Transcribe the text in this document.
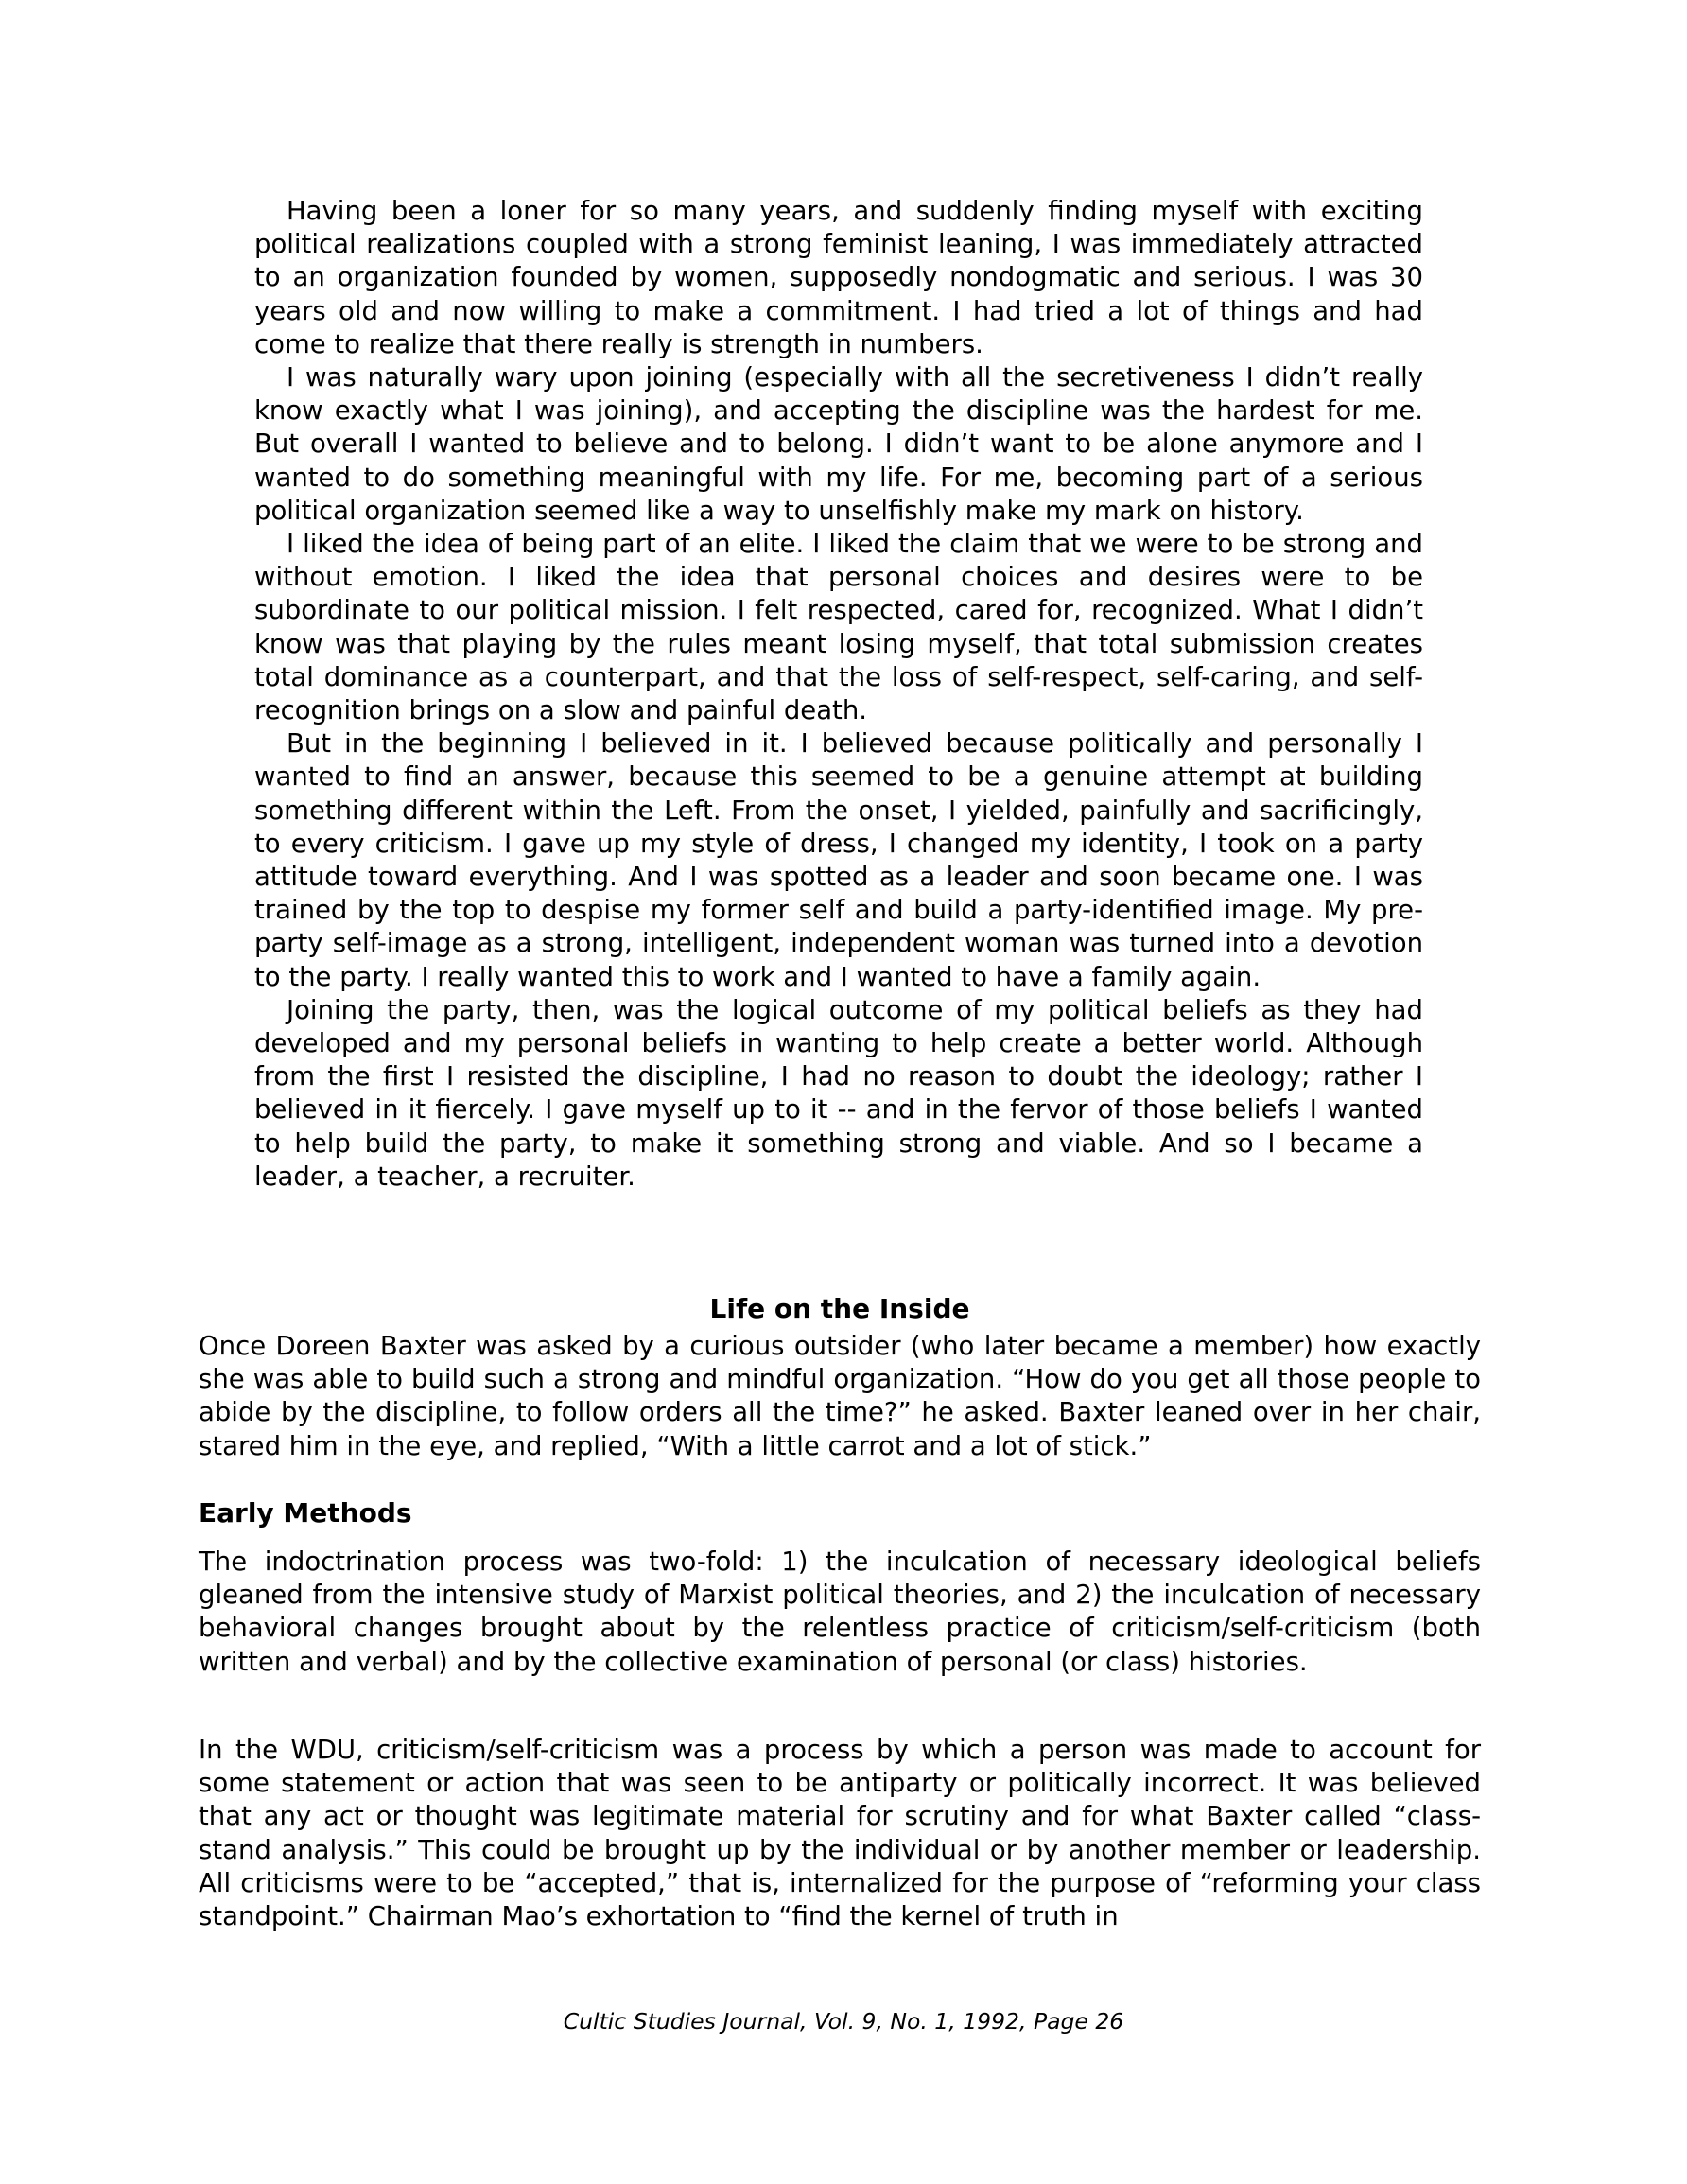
Having been a loner for so many years, and suddenly finding myself with exciting political realizations coupled with a strong feminist leaning, I was immediately attracted to an organization founded by women, supposedly nondogmatic and serious. I was 30 years old and now willing to make a commitment. I had tried a lot of things and had come to realize that there really is strength in numbers.

I was naturally wary upon joining (especially with all the secretiveness I didn’t really know exactly what I was joining), and accepting the discipline was the hardest for me. But overall I wanted to believe and to belong. I didn’t want to be alone anymore and I wanted to do something meaningful with my life. For me, becoming part of a serious political organization seemed like a way to unselfishly make my mark on history.

I liked the idea of being part of an elite. I liked the claim that we were to be strong and without emotion. I liked the idea that personal choices and desires were to be subordinate to our political mission. I felt respected, cared for, recognized. What I didn’t know was that playing by the rules meant losing myself, that total submission creates total dominance as a counterpart, and that the loss of self-respect, self-caring, and self-recognition brings on a slow and painful death.

But in the beginning I believed in it. I believed because politically and personally I wanted to find an answer, because this seemed to be a genuine attempt at building something different within the Left. From the onset, I yielded, painfully and sacrificingly, to every criticism. I gave up my style of dress, I changed my identity, I took on a party attitude toward everything. And I was spotted as a leader and soon became one. I was trained by the top to despise my former self and build a party-identified image. My pre-party self-image as a strong, intelligent, independent woman was turned into a devotion to the party. I really wanted this to work and I wanted to have a family again.

Joining the party, then, was the logical outcome of my political beliefs as they had developed and my personal beliefs in wanting to help create a better world. Although from the first I resisted the discipline, I had no reason to doubt the ideology; rather I believed in it fiercely. I gave myself up to it -- and in the fervor of those beliefs I wanted to help build the party, to make it something strong and viable. And so I became a leader, a teacher, a recruiter.

Life on the Inside

Once Doreen Baxter was asked by a curious outsider (who later became a member) how exactly she was able to build such a strong and mindful organization. “How do you get all those people to abide by the discipline, to follow orders all the time?” he asked. Baxter leaned over in her chair, stared him in the eye, and replied, “With a little carrot and a lot of stick.”

Early Methods

The indoctrination process was two-fold: 1) the inculcation of necessary ideological beliefs gleaned from the intensive study of Marxist political theories, and 2) the inculcation of necessary behavioral changes brought about by the relentless practice of criticism/self-criticism (both written and verbal) and by the collective examination of personal (or class) histories.

In the WDU, criticism/self-criticism was a process by which a person was made to account for some statement or action that was seen to be antiparty or politically incorrect. It was believed that any act or thought was legitimate material for scrutiny and for what Baxter called “class-stand analysis.” This could be brought up by the individual or by another member or leadership. All criticisms were to be “accepted,” that is, internalized for the purpose of “reforming your class standpoint.” Chairman Mao’s exhortation to “find the kernel of truth in

Cultic Studies Journal, Vol. 9, No. 1, 1992, Page 26
